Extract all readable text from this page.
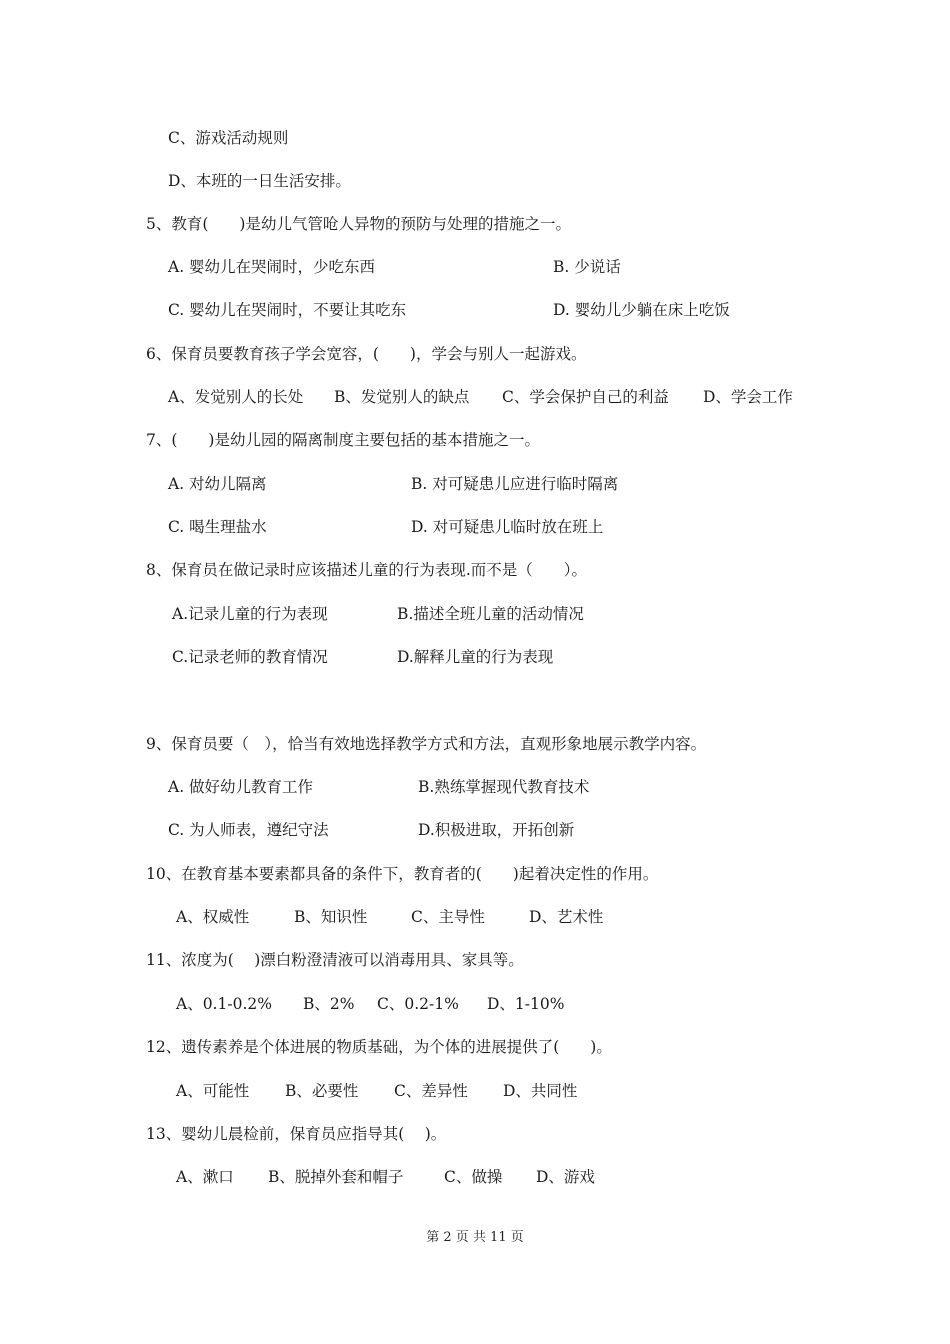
C、游戏活动规则
D、本班的一日生活安排。
5、教育(　　)是幼儿气管呛人异物的预防与处理的措施之一。
A. 婴幼儿在哭闹时，少吃东西	B. 少说话
C. 婴幼儿在哭闹时，不要让其吃东	D. 婴幼儿少躺在床上吃饭
6、保育员要教育孩子学会宽容，(　　)，学会与别人一起游戏。
A、发觉别人的长处 B、发觉别人的缺点 C、学会保护自己的利益 D、学会工作
7、(　　)是幼儿园的隔离制度主要包括的基本措施之一。
A. 对幼儿隔离	B. 对可疑患儿应进行临时隔离
C. 喝生理盐水	D. 对可疑患儿临时放在班上
8、保育员在做记录时应该描述儿童的行为表现.而不是（　　）。
A.记录儿童的行为表现	B.描述全班儿童的活动情况
C.记录老师的教育情况	D.解释儿童的行为表现
9、保育员要（　），恰当有效地选择教学方式和方法，直观形象地展示教学内容。
A. 做好幼儿教育工作	B.熟练掌握现代教育技术
C. 为人师表，遵纪守法	D.积极进取，开拓创新
10、在教育基本要素都具备的条件下，教育者的(　　)起着决定性的作用。
A、权威性	B、知识性	C、主导性	D、艺术性
11、浓度为(　 )漂白粉澄清液可以消毒用具、家具等。
A、0.1-0.2% B、2% C、0.2-1% D、1-10%
12、遗传素养是个体进展的物质基础，为个体的进展提供了(　　)。
A、可能性 B、必要性 C、差异性 D、共同性
13、婴幼儿晨检前，保育员应指导其(　 )。
A、漱口 B、脱掉外套和帽子	C、做操 D、游戏
第 2 页 共 11 页
